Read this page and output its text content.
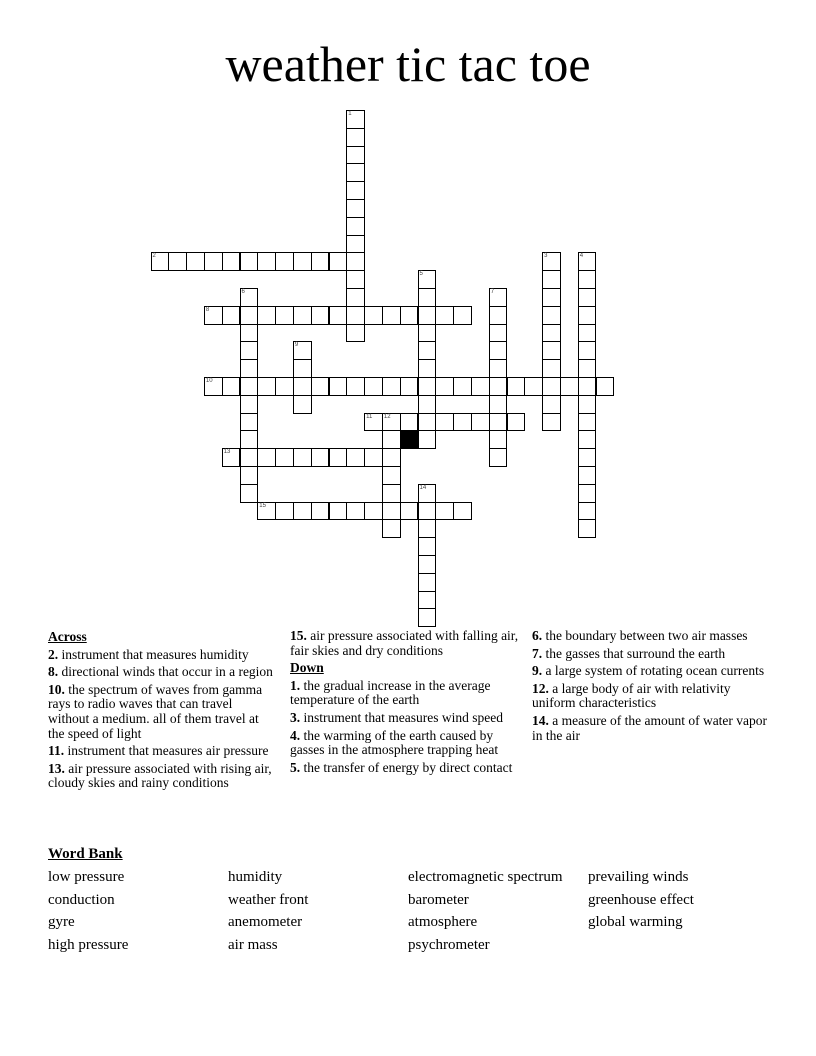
weather tic tac toe
1
2	3	4
5
6	7
8
9
10
11 12
13
14
15
Across
2. instrument that measures humidity
8. directional winds that occur in a region
10. the spectrum of waves from gamma rays to radio waves that can travel without a medium. all of them travel at the speed of light
11. instrument that measures air pressure
13. air pressure associated with rising air, cloudy skies and rainy conditions
15. air pressure associated with falling air, fair skies and dry conditions
Down
1. the gradual increase in the average temperature of the earth
3. instrument that measures wind speed
4. the warming of the earth caused by gasses in the atmosphere trapping heat
5. the transfer of energy by direct contact
6. the boundary between two air masses
7. the gasses that surround the earth
9. a large system of rotating ocean currents
12. a large body of air with relativity uniform characteristics
14. a measure of the amount of water vapor in the air
Word Bank
low pressure	humidity	electromagnetic spectrum	prevailing winds
conduction	weather front	barometer	greenhouse effect
gyre	anemometer	atmosphere	global warming
high pressure	air mass	psychrometer
